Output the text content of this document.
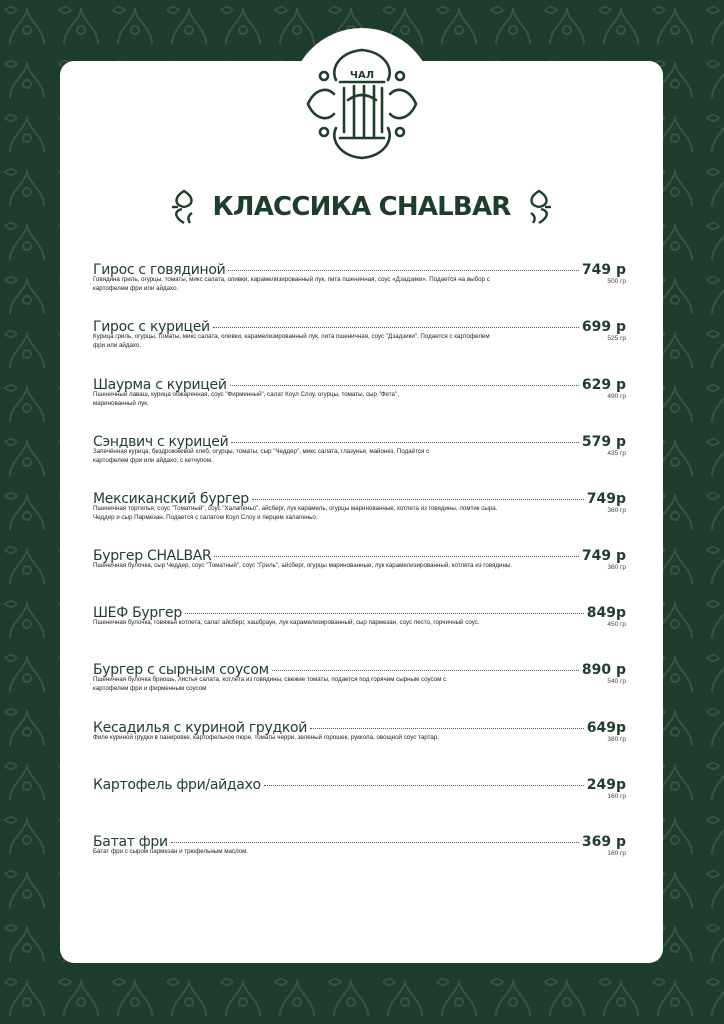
ЧАЛ
КЛАССИКА CHALBAR
Гирос с говядиной	749 р
Говядина гриль, огурцы, томаты, микс салата, оливки, карамелизированный лук, пита пшеничная, соус «Дзадзики». Подается на выбор с картофелем фри или айдахо.
500 гр
Гирос с курицей	699 р
Курица гриль, огурцы, томаты, микс салата, оливки, карамелизированный лук, пита пшеничная, соус "Дзадзики". Подается с картофелем фри или айдахо.
525 гр
Шаурма с курицей	629 р
Пшеничный лаваш, курица обжаренная, соус "Фирменный", салат Коул Слоу, огурцы, томаты, сыр "Фета", маринованный лук.
490 гр
Сэндвич с курицей	579 р
Запечённая курица, бездрожжевой хлеб, огурцы, томаты, сыр "Чеддер", микс салата, глазунья, майонез. Подаётся с картофелем фри или айдахо, с кетчупом.
435 гр
Мексиканский бургер	749р
Пшеничная тортилья, соус "Томатный", соус "Халапеньо", айсберг, лук карамель, огурцы маринованные, котлета из говядины, ломтик сыра. Чеддер и сыр Пармезан. Подается с салатом Коул Слоу и перцем халапеньо.
360 гр
Бургер CHALBAR	749 р
Пшеничная булочка, сыр Чеддер, соус "Томатный", соус "Гриль", айсберг, огурцы маринованные, лук карамелизированный, котлета из говядины.	360 гр
ШЕФ Бургер	849р
Пшеничная булочка, говяжья котлета, салат айсберг, хашбраун, лук карамелизированный, сыр пармезан, соус песто, горчичный соус.	450 гр
Бургер с сырным соусом	890 р
Пшеничная булочка бриошь, листья салата, котлета из говядины, свежие томаты, подается под горячим сырным соусом с картофелем фри и фирменным соусом
540 гр
Кесадилья с куриной грудкой	649р
Филе куриной грудки в панировке, картофельное пюре, томаты черри, зеленый горошек, руккола, овощной соус тартар.	380 гр
Картофель фри/айдахо	249р
160 гр
Батат фри	369 р
Батат фри с сыром пармезан и трюфельным маслом.	160 гр
